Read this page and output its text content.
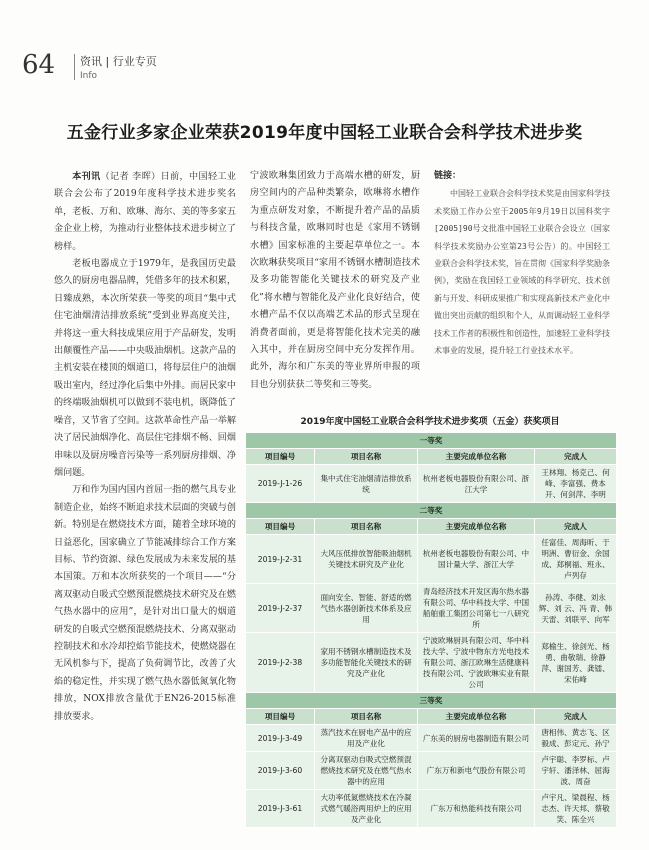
64 资讯 | 行业专页
Info
五金行业多家企业荣获2019年度中国轻工业联合会科学技术进步奖

本刊讯（记者 李晖）日前，中国轻工业联合会公布了2019年度科学技术进步奖名单，老板、万和、欧琳、海尔、美的等多家五金企业上榜，为推动行业整体技术进步树立了榜样。

老板电器成立于1979年，是我国历史最悠久的厨房电器品牌，凭借多年的技术积累，日臻成熟，本次所荣获一等奖的项目“集中式住宅油烟清洁排放系统”受到业界高度关注，并将这一重大科技成果应用于产品研发，发明出颠覆性产品——中央吸油烟机。这款产品的主机安装在楼顶的烟道口，将每层住户的油烟吸出室内，经过净化后集中外排。而居民家中的终端吸油烟机可以做到不装电机，既降低了噪音，又节省了空间。这款革命性产品一举解决了居民油烟净化、高层住宅排烟不畅、回烟串味以及厨房噪音污染等一系列厨房排烟、净烟问题。

万和作为国内国内首屈一指的燃气具专业制造企业，始终不断追求技术层面的突破与创新。特别是在燃烧技术方面，随着全球环境的日益恶化，国家确立了节能减排综合工作方案目标、节约资源、绿色发展成为未来发展的基本国策。万和本次所获奖的一个项目——“分离双驱动自吸式空燃预混燃烧技术研究及在燃气热水器中的应用”，是针对出口量大的烟道研发的自吸式空燃预混燃烧技术、分离双驱动控制技术和水冷却控焰节能技术，使燃烧器在无风机参与下，提高了负荷调节比，改善了火焰的稳定性，并实现了燃气热水器低氮氧化物排放，NOX排放含量优于EN26-2015标准排放要求。

宁波欧琳集团致力于高端水槽的研发，厨房空间内的产品种类繁杂，欧琳将水槽作为重点研发对象，不断提升着产品的品质与科技含量，欧琳同时也是《家用不锈钢水槽》国家标准的主要起草单位之一。本次欧琳获奖项目“家用不锈钢水槽制造技术及多功能智能化关键技术的研究及产业化”将水槽与智能化及产业化良好结合，使水槽产品不仅以高端艺术品的形式呈现在消费者面前，更是将智能化技术完美的融入其中，并在厨房空间中充分发挥作用。此外，海尔和广东美的等业界所申报的项目也分别获获二等奖和三等奖。

链接：

中国轻工业联合会科学技术奖是由国家科学技术奖励工作办公室于2005年9月19日以国科奖字[2005]90号文批准中国轻工业联合会设立（国家科学技术奖励办公室第23号公告）的。中国轻工业联合会科学技术奖，旨在贯彻《国家科学奖励条例》，奖励在我国轻工业领域的科学研究、技术创新与开发、科研成果推广和实现高新技术产业化中做出突出贡献的组织和个人，从而调动轻工业科学技术工作者的积极性和创造性，加速轻工业科学技术事业的发展，提升轻工行业技术水平。

2019年度中国轻工业联合会科学技术进步奖项（五金）获奖项目
一等奖			
项目编号	项目名称	主要完成单位名称	完成人
2019-J-1-26	集中式住宅油烟清洁排放系统	杭州老板电器股份有限公司、浙江大学	王林翔、杨克己、何峰、李富强、费本开、何剑萍、李明
二等奖			
项目编号	项目名称	主要完成单位名称	完成人
2019-J-2-31	大风压低排放智能吸油烟机关键技术研究及产业化	杭州老板电器股份有限公司、中国计量大学、浙江大学	任富佳、周海昕、于明洲、曹衍金、余国成、郑桐福、班永、卢列存
2019-J-2-37	面向安全、智能、舒适的燃气热水器创新技术体系及应用	青岛经济技术开发区海尔热水器有限公司、华中科技大学、中国船舶重工集团公司第七一八研究所	孙涛、李健、刘永辉、刘 云、冯 青、韩天雷、刘联平、向军
2019-J-2-38	家用不锈钢水槽制造技术及多功能智能化关键技术的研究及产业化	宁波欧琳厨具有限公司、华中科技大学、宁波中物东方光电技术有限公司、浙江欧琳生活健康科技有限公司、宁波欧琳实业有限公司	郑榆生、徐剑光、杨勇、曲敬瑞、徐静萍、谢国芳、龚镭、宋佑峰
三等奖			
项目编号	项目名称	主要完成单位名称	完成人
2019-J-3-49	蒸汽技术在厨电产品中的应用及产业化	广东美的厨房电器制造有限公司	唐相伟、黄志飞、区毅成、彭定元、孙宁
2019-J-3-60	分离双驱动自吸式空燃预混燃烧技术研究及在燃气热水器中的应用	广东万和新电气股份有限公司	卢宇聪、李罗标、卢宇轩、潘泽林、屈海波、周奋
2019-J-3-61	大功率低氮燃烧技术在冷凝式燃气暖浴两用炉上的应用及产业化	广东万和热能科技有限公司	卢宇凡、梁晨程、杨志杰、许天邦、蔡敬笑、陈全兴
